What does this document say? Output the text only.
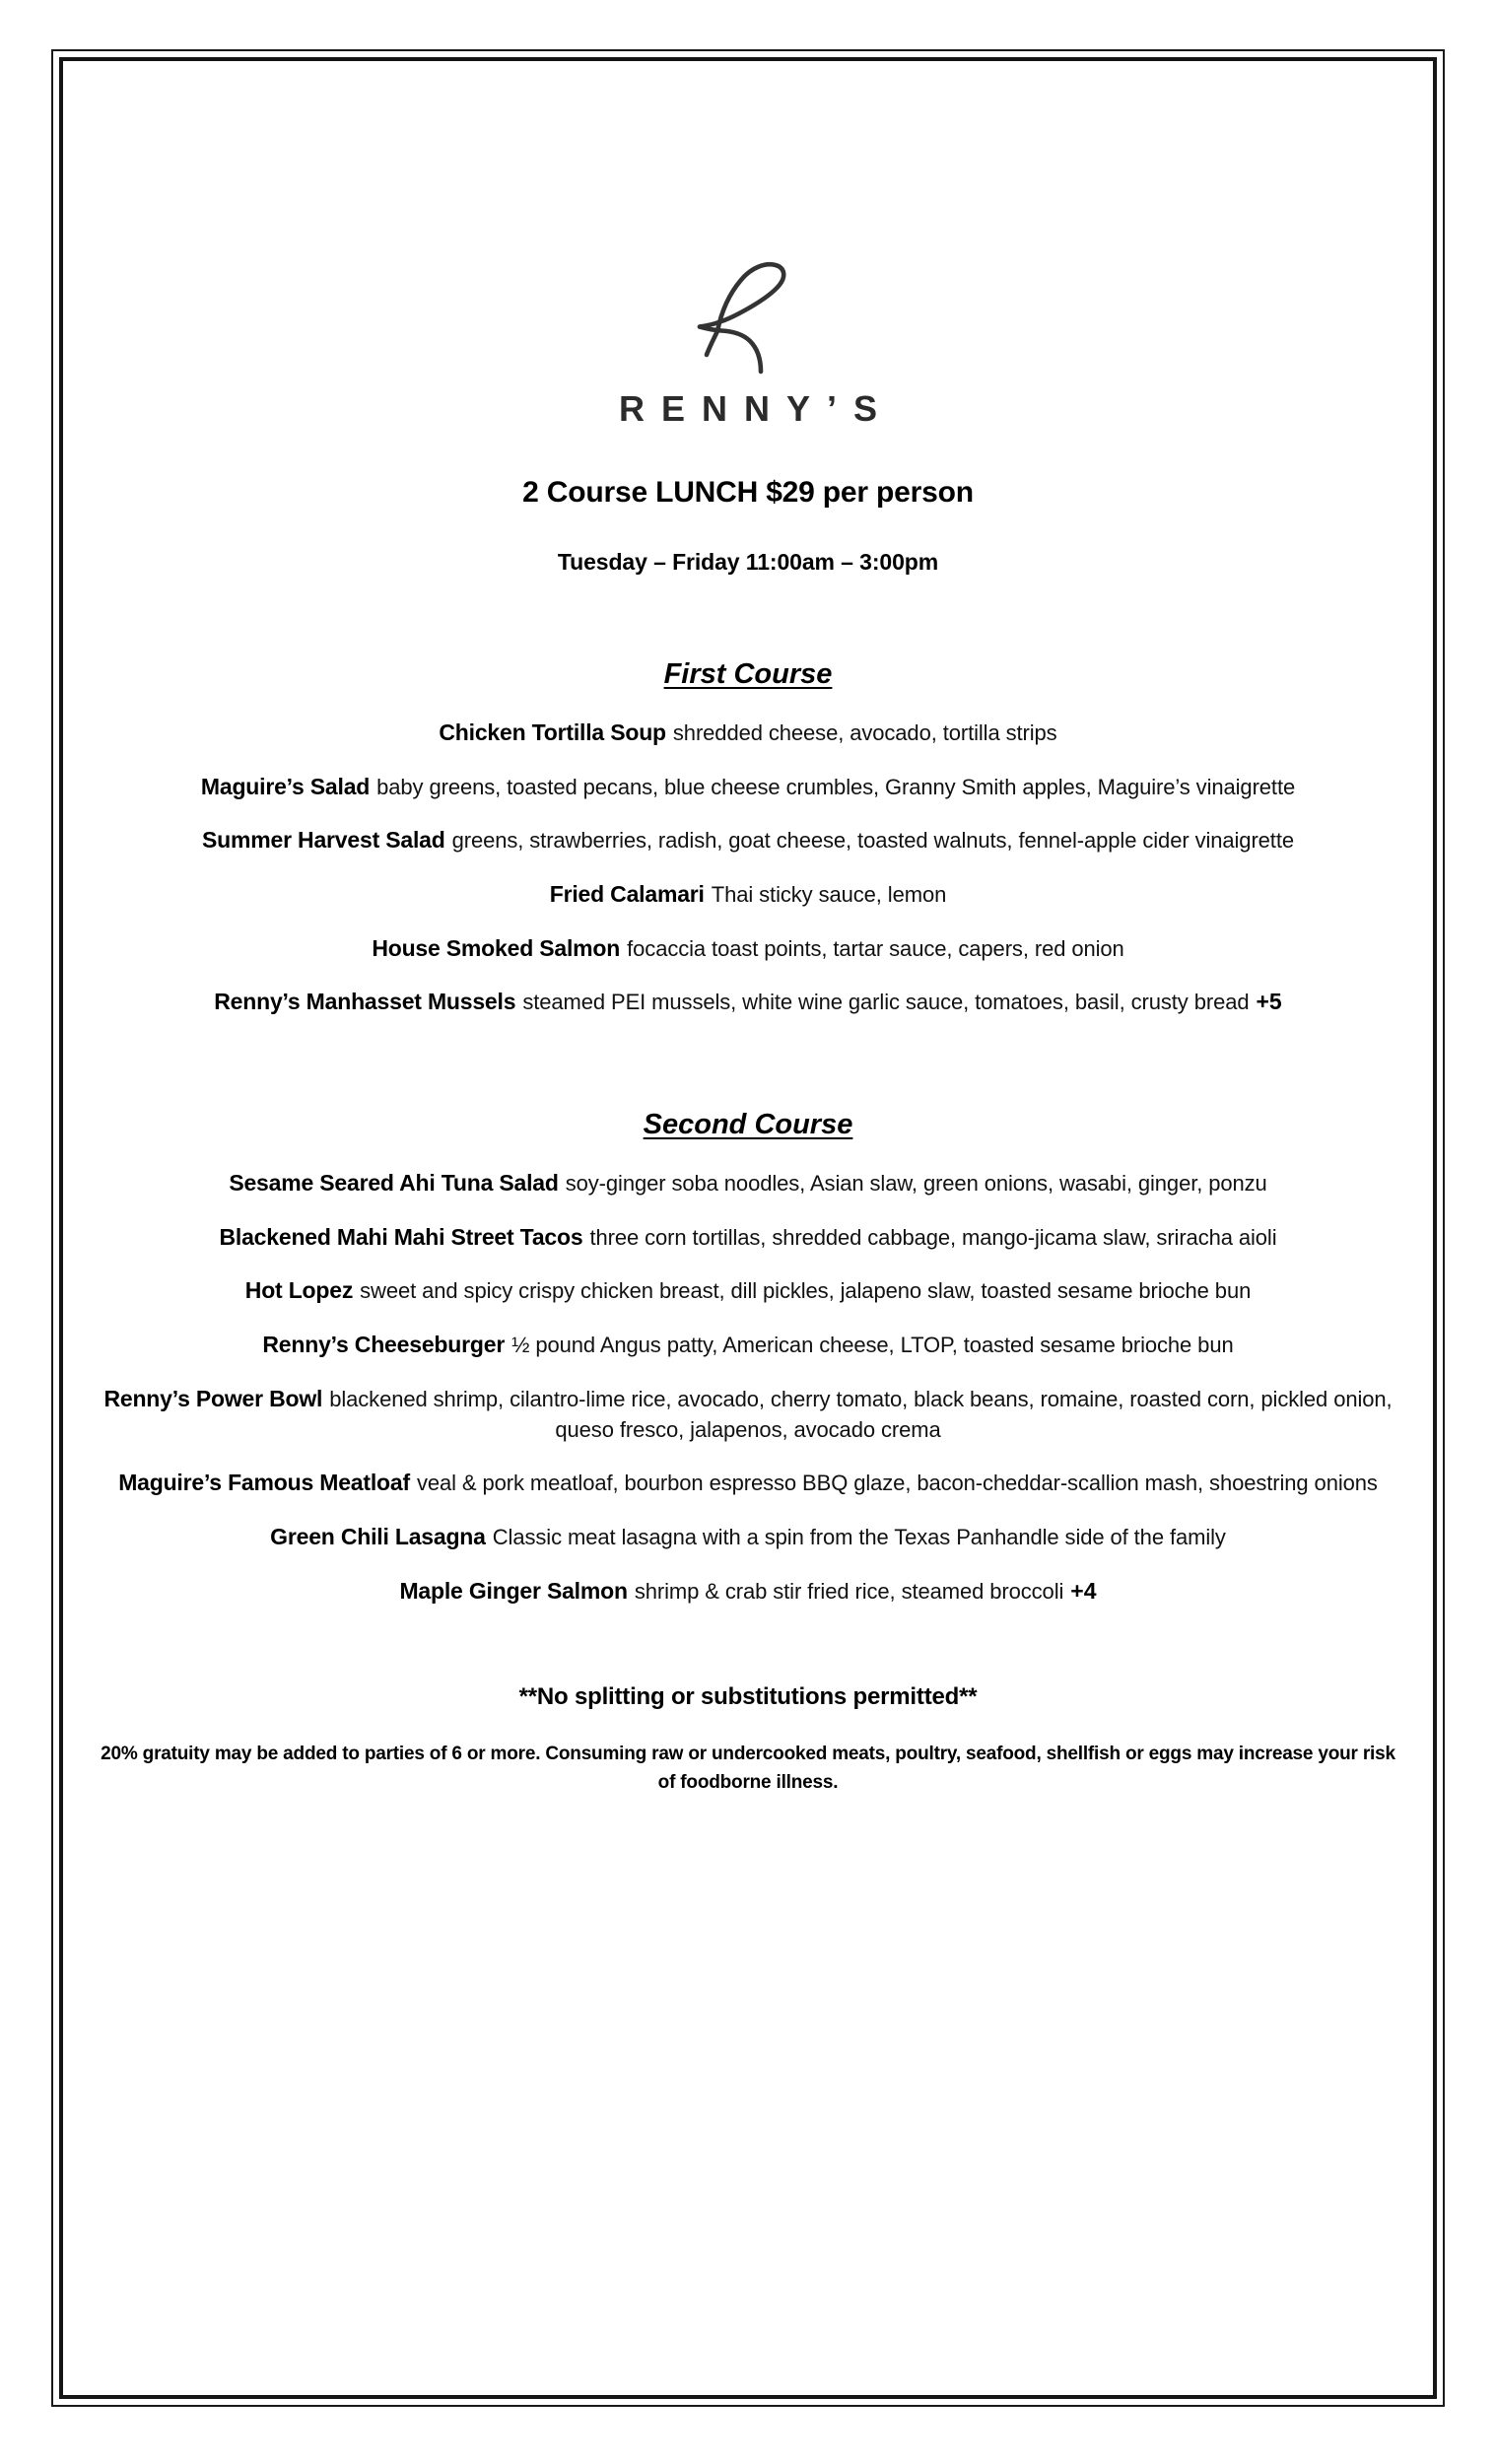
RENNY’S
2 Course LUNCH $29 per person
Tuesday – Friday 11:00am – 3:00pm
First Course
Chicken Tortilla Soup shredded cheese, avocado, tortilla strips
Maguire’s Salad baby greens, toasted pecans, blue cheese crumbles, Granny Smith apples, Maguire’s vinaigrette
Summer Harvest Salad greens, strawberries, radish, goat cheese, toasted walnuts, fennel-apple cider vinaigrette
Fried Calamari Thai sticky sauce, lemon
House Smoked Salmon focaccia toast points, tartar sauce, capers, red onion
Renny’s Manhasset Mussels steamed PEI mussels, white wine garlic sauce, tomatoes, basil, crusty bread +5
Second Course
Sesame Seared Ahi Tuna Salad soy-ginger soba noodles, Asian slaw, green onions, wasabi, ginger, ponzu
Blackened Mahi Mahi Street Tacos three corn tortillas, shredded cabbage, mango-jicama slaw, sriracha aioli
Hot Lopez sweet and spicy crispy chicken breast, dill pickles, jalapeno slaw, toasted sesame brioche bun
Renny’s Cheeseburger ½ pound Angus patty, American cheese, LTOP, toasted sesame brioche bun
Renny’s Power Bowl blackened shrimp, cilantro-lime rice, avocado, cherry tomato, black beans, romaine, roasted corn, pickled onion, queso fresco, jalapenos, avocado crema
Maguire’s Famous Meatloaf veal & pork meatloaf, bourbon espresso BBQ glaze, bacon-cheddar-scallion mash, shoestring onions
Green Chili Lasagna Classic meat lasagna with a spin from the Texas Panhandle side of the family
Maple Ginger Salmon shrimp & crab stir fried rice, steamed broccoli +4
**No splitting or substitutions permitted**
20% gratuity may be added to parties of 6 or more. Consuming raw or undercooked meats, poultry, seafood, shellfish or eggs may increase your risk of foodborne illness.
